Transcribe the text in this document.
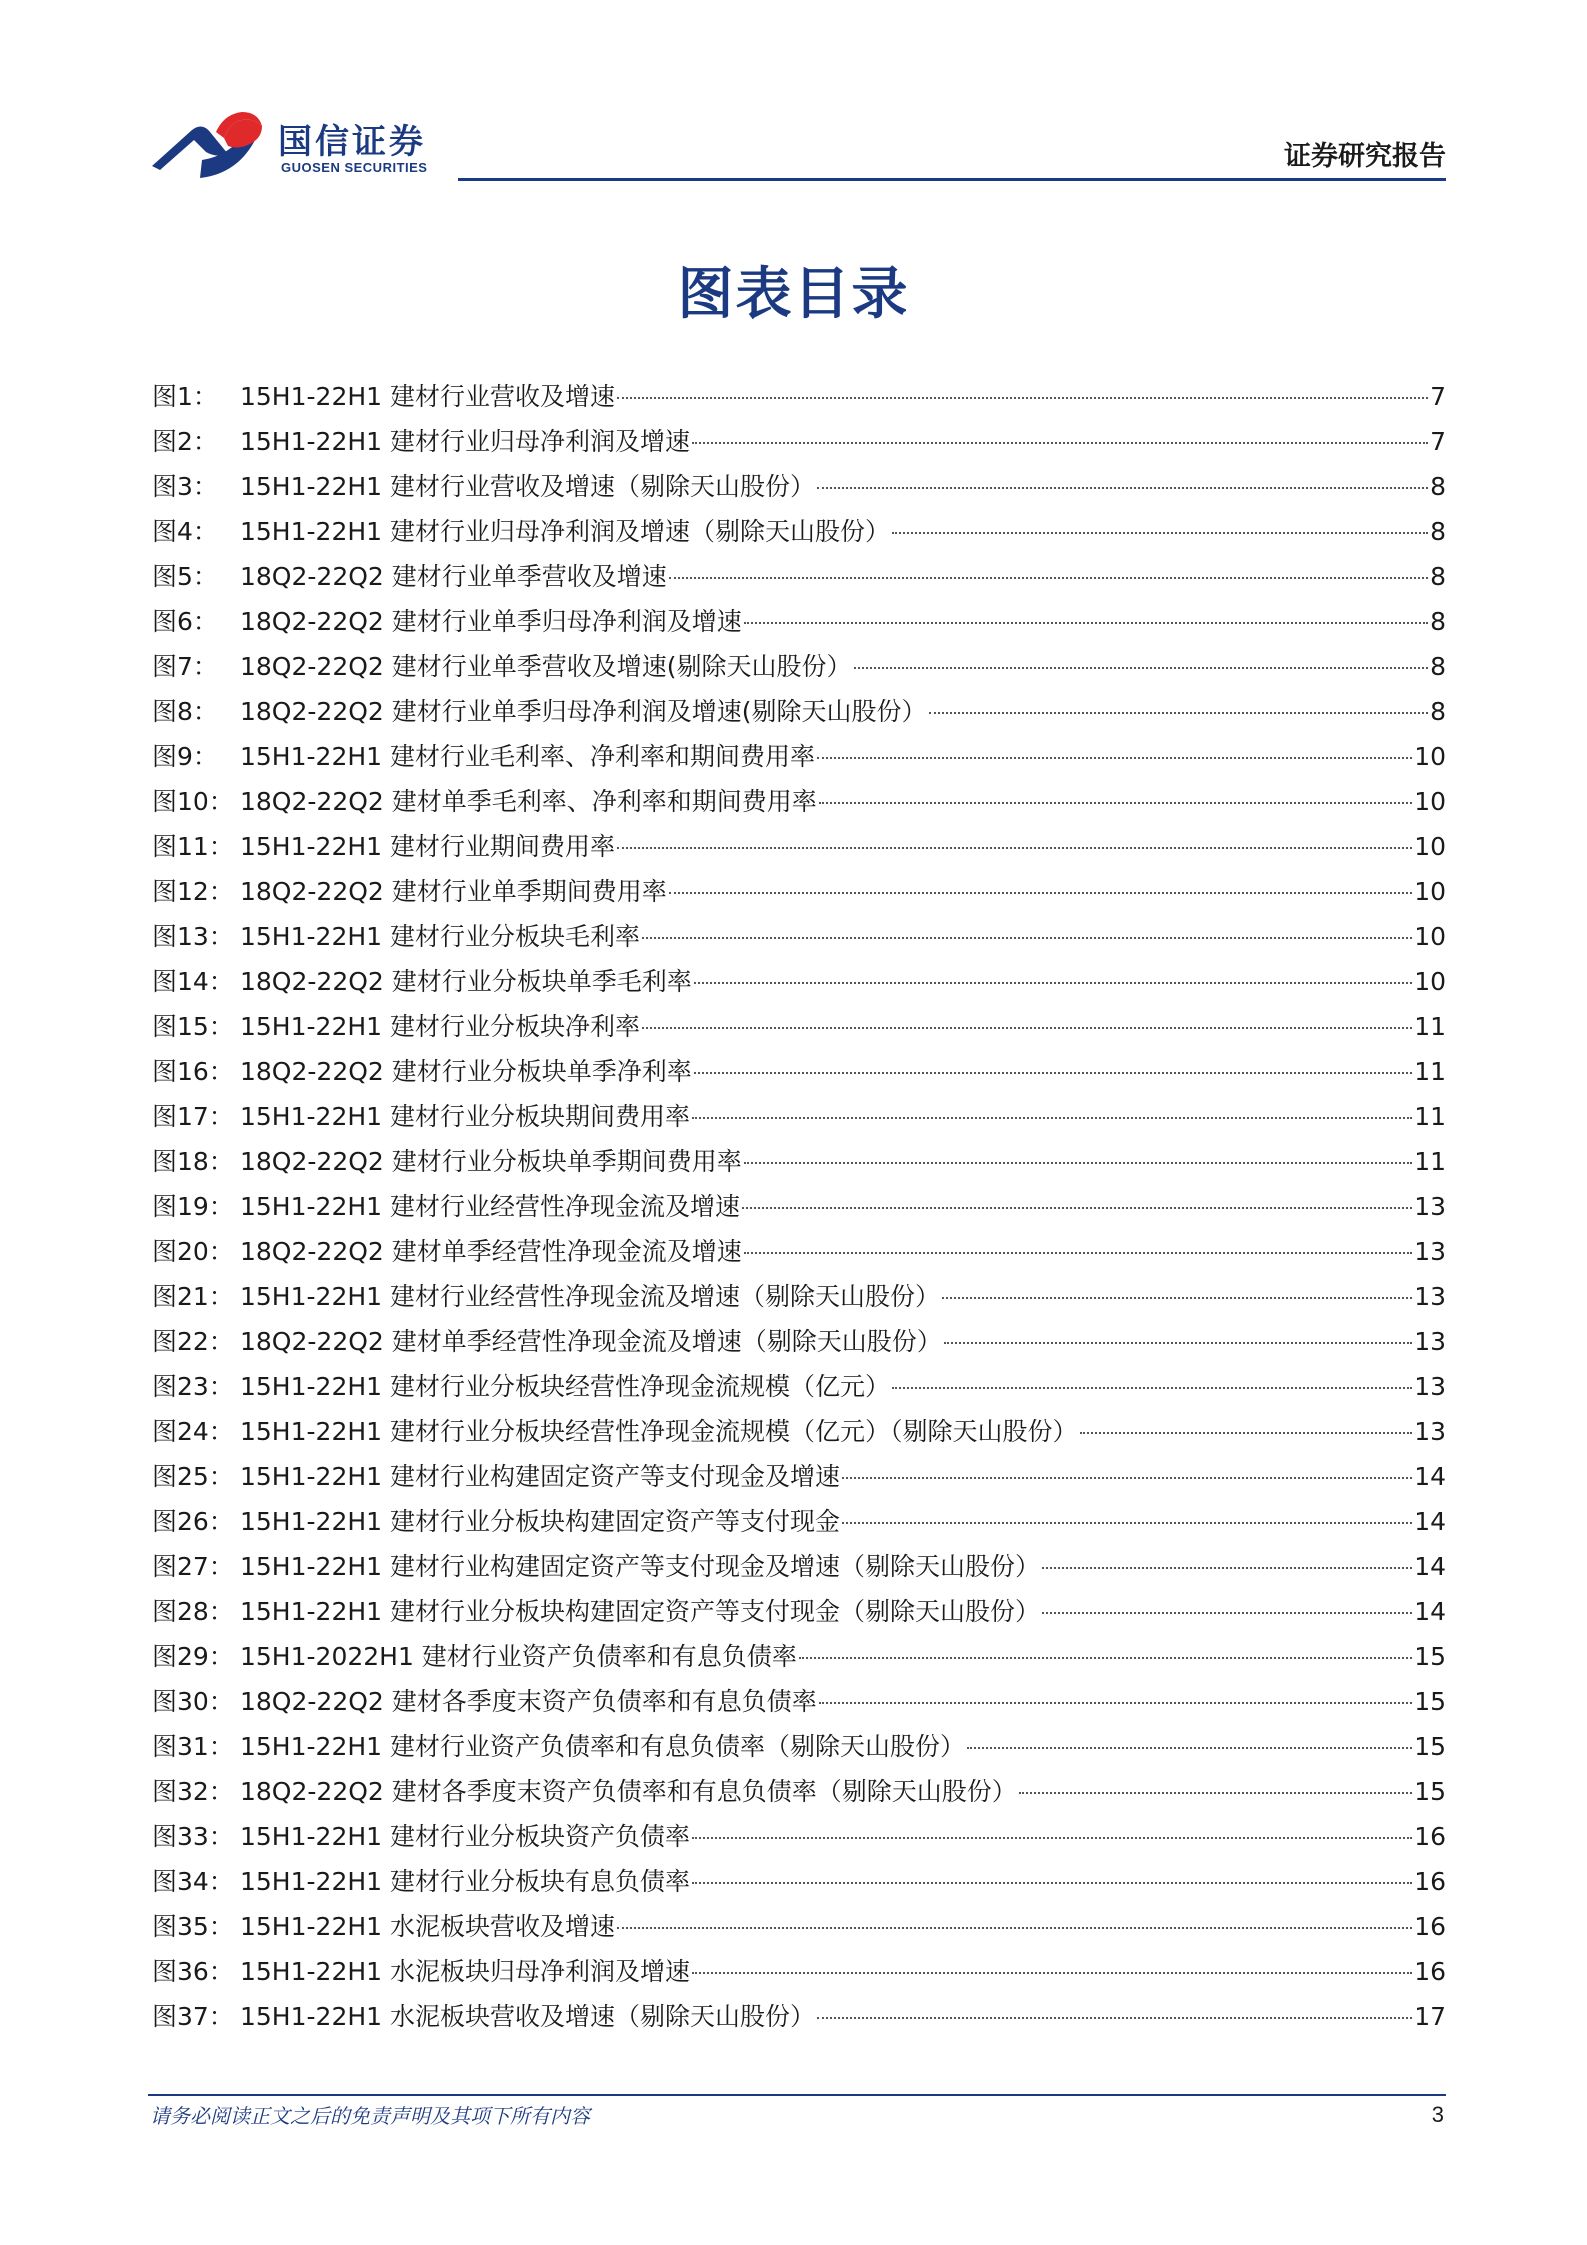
国信证券
GUOSEN SECURITIES	证券研究报告
图表目录
图1： 15H1-22H1 建材行业营收及增速	7
图2： 15H1-22H1 建材行业归母净利润及增速	7
图3： 15H1-22H1 建材行业营收及增速（剔除天山股份）	8
图4： 15H1-22H1 建材行业归母净利润及增速（剔除天山股份）	8
图5： 18Q2-22Q2 建材行业单季营收及增速	8
图6： 18Q2-22Q2 建材行业单季归母净利润及增速	8
图7： 18Q2-22Q2 建材行业单季营收及增速(剔除天山股份）	8
图8： 18Q2-22Q2 建材行业单季归母净利润及增速(剔除天山股份）	8
图9： 15H1-22H1 建材行业毛利率、净利率和期间费用率	10
图10： 18Q2-22Q2 建材单季毛利率、净利率和期间费用率	10
图11： 15H1-22H1 建材行业期间费用率	10
图12： 18Q2-22Q2 建材行业单季期间费用率	10
图13： 15H1-22H1 建材行业分板块毛利率	10
图14： 18Q2-22Q2 建材行业分板块单季毛利率	10
图15： 15H1-22H1 建材行业分板块净利率	11
图16： 18Q2-22Q2 建材行业分板块单季净利率	11
图17： 15H1-22H1 建材行业分板块期间费用率	11
图18： 18Q2-22Q2 建材行业分板块单季期间费用率	11
图19： 15H1-22H1 建材行业经营性净现金流及增速	13
图20： 18Q2-22Q2 建材单季经营性净现金流及增速	13
图21： 15H1-22H1 建材行业经营性净现金流及增速（剔除天山股份）	13
图22： 18Q2-22Q2 建材单季经营性净现金流及增速（剔除天山股份）	13
图23： 15H1-22H1 建材行业分板块经营性净现金流规模（亿元）	13
图24： 15H1-22H1 建材行业分板块经营性净现金流规模（亿元）（剔除天山股份）	13
图25： 15H1-22H1 建材行业构建固定资产等支付现金及增速	14
图26： 15H1-22H1 建材行业分板块构建固定资产等支付现金	14
图27： 15H1-22H1 建材行业构建固定资产等支付现金及增速（剔除天山股份）	14
图28： 15H1-22H1 建材行业分板块构建固定资产等支付现金（剔除天山股份）	14
图29： 15H1-2022H1 建材行业资产负债率和有息负债率	15
图30： 18Q2-22Q2 建材各季度末资产负债率和有息负债率	15
图31： 15H1-22H1 建材行业资产负债率和有息负债率（剔除天山股份）	15
图32： 18Q2-22Q2 建材各季度末资产负债率和有息负债率（剔除天山股份）	15
图33： 15H1-22H1 建材行业分板块资产负债率	16
图34： 15H1-22H1 建材行业分板块有息负债率	16
图35： 15H1-22H1 水泥板块营收及增速	16
图36： 15H1-22H1 水泥板块归母净利润及增速	16
图37： 15H1-22H1 水泥板块营收及增速（剔除天山股份）	17
请务必阅读正文之后的免责声明及其项下所有内容	3
